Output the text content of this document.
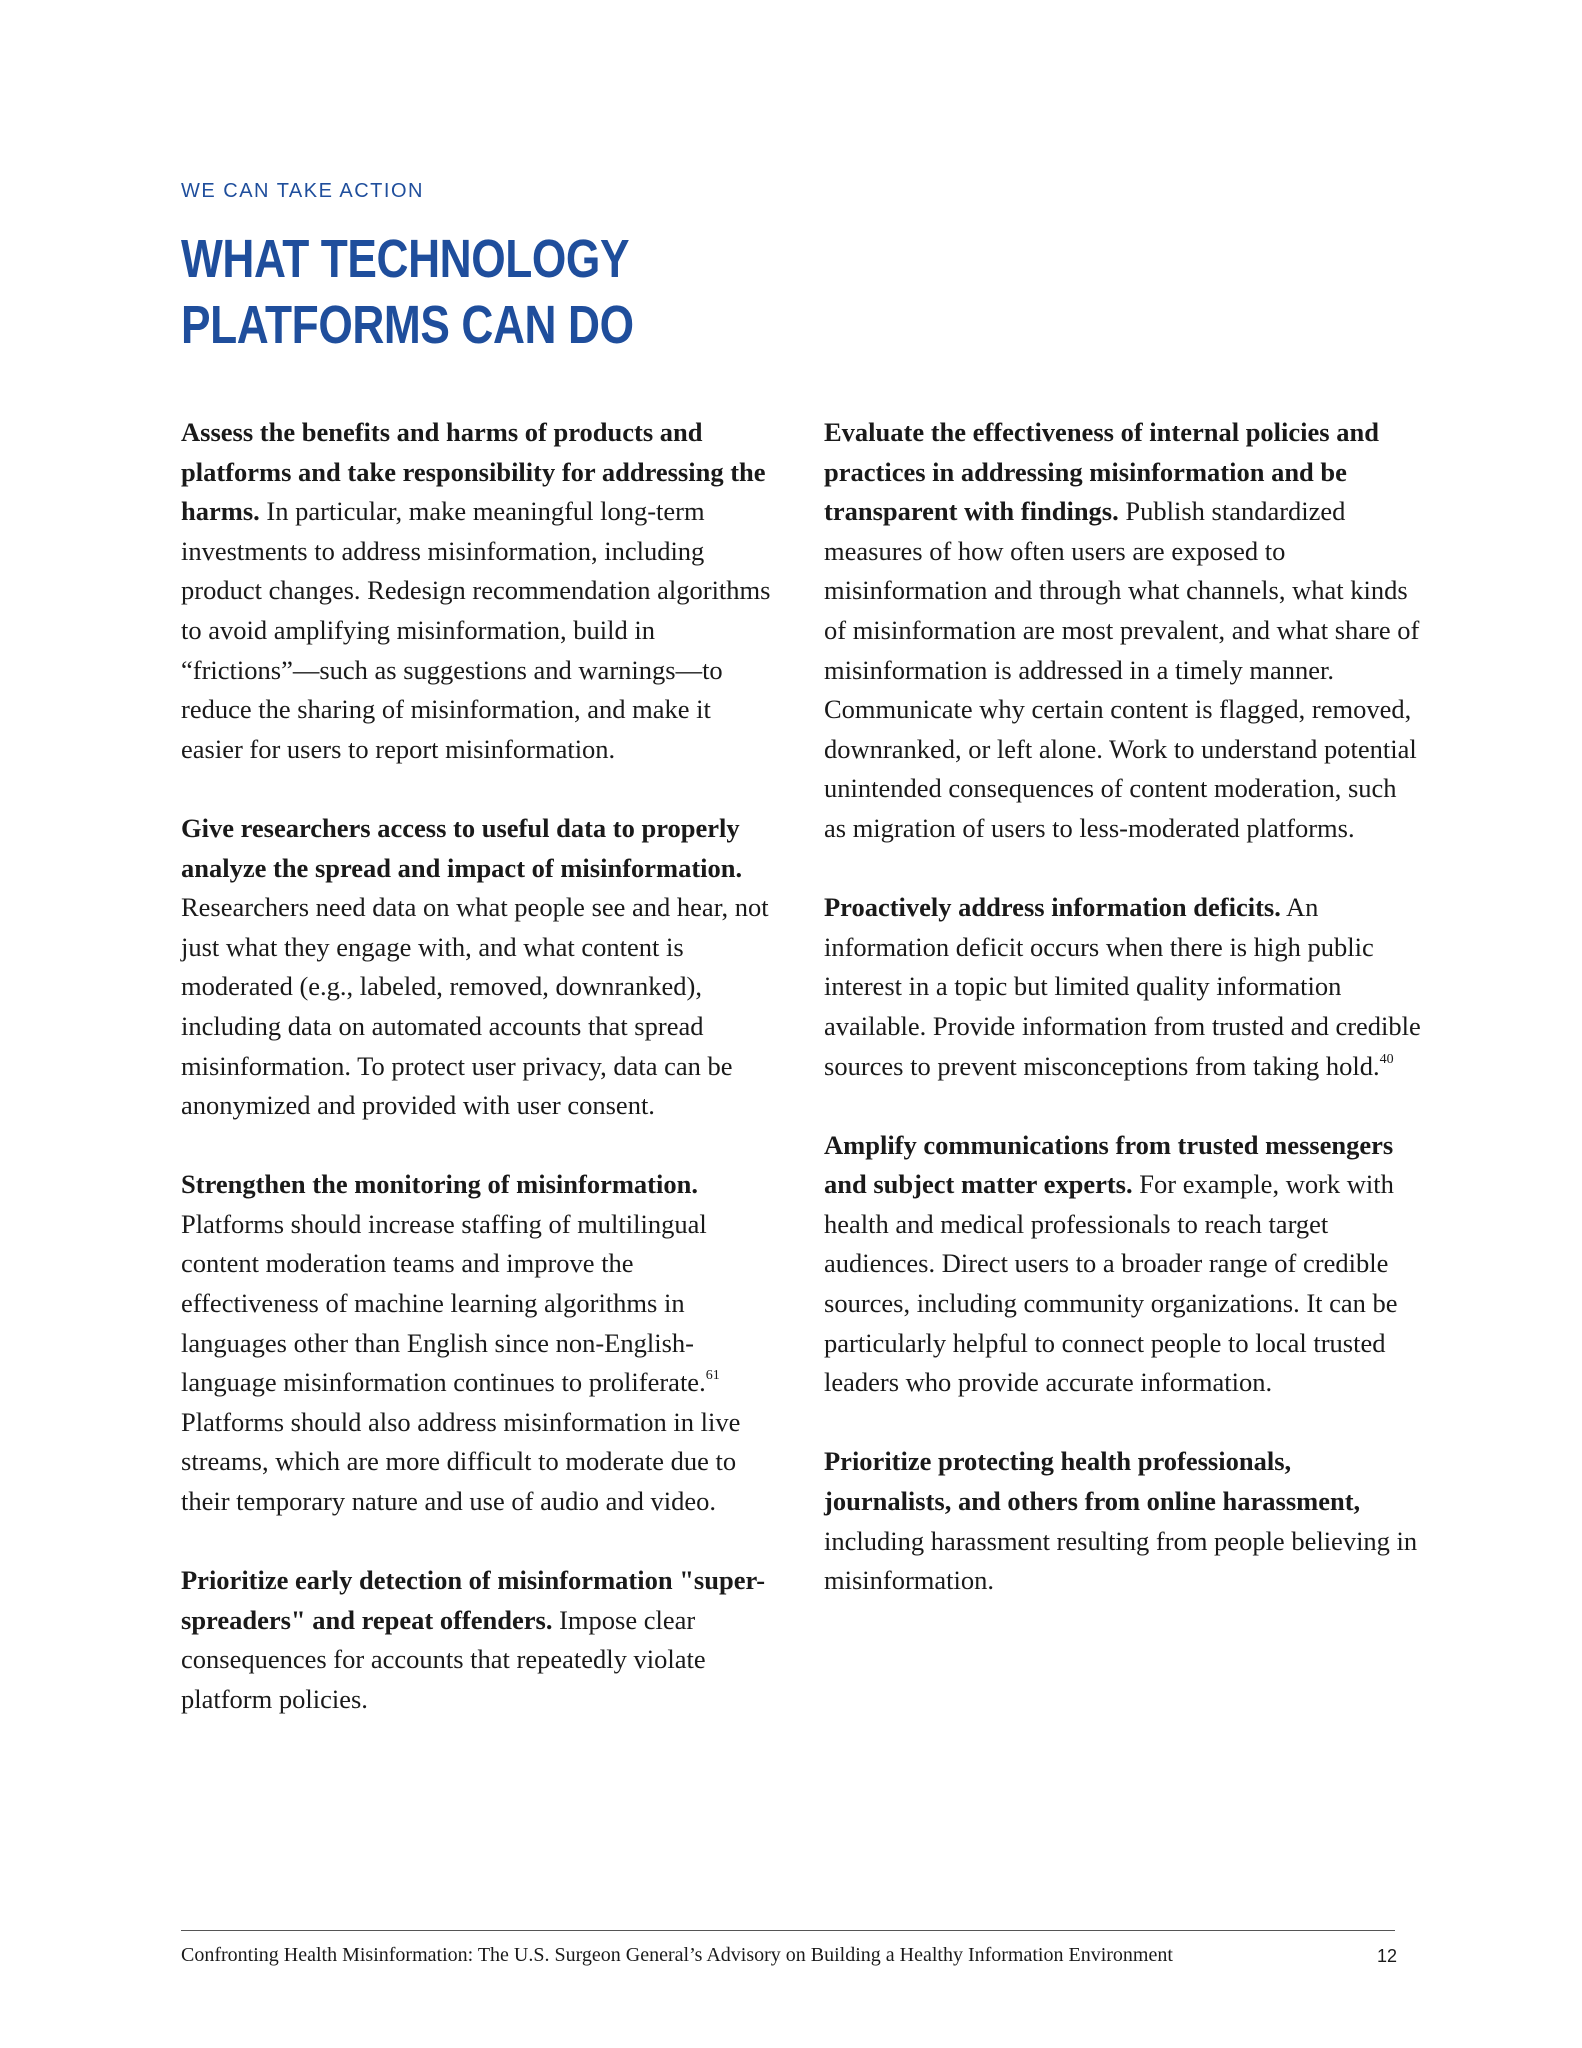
WE CAN TAKE ACTION
WHAT TECHNOLOGY
PLATFORMS CAN DO

Assess the benefits and harms of products and platforms and take responsibility for addressing the harms. In particular, make meaningful long-term investments to address misinformation, including product changes. Redesign recommendation algorithms to avoid amplifying misinformation, build in “frictions”—such as suggestions and warnings—to reduce the sharing of misinformation, and make it easier for users to report misinformation.

Give researchers access to useful data to properly analyze the spread and impact of misinformation. Researchers need data on what people see and hear, not just what they engage with, and what content is moderated (e.g., labeled, removed, downranked), including data on automated accounts that spread misinformation. To protect user privacy, data can be anonymized and provided with user consent.

Strengthen the monitoring of misinformation. Platforms should increase staffing of multilingual content moderation teams and improve the effectiveness of machine learning algorithms in languages other than English since non-English-language misinformation continues to proliferate.$^{61}$ Platforms should also address misinformation in live streams, which are more difficult to moderate due to their temporary nature and use of audio and video.

Prioritize early detection of misinformation "super-spreaders" and repeat offenders. Impose clear consequences for accounts that repeatedly violate platform policies.

Evaluate the effectiveness of internal policies and practices in addressing misinformation and be transparent with findings. Publish standardized measures of how often users are exposed to misinformation and through what channels, what kinds of misinformation are most prevalent, and what share of misinformation is addressed in a timely manner. Communicate why certain content is flagged, removed, downranked, or left alone. Work to understand potential unintended consequences of content moderation, such as migration of users to less-moderated platforms.

Proactively address information deficits. An information deficit occurs when there is high public interest in a topic but limited quality information available. Provide information from trusted and credible sources to prevent misconceptions from taking hold.$^{40}$

Amplify communications from trusted messengers and subject matter experts. For example, work with health and medical professionals to reach target audiences. Direct users to a broader range of credible sources, including community organizations. It can be particularly helpful to connect people to local trusted leaders who provide accurate information.

Prioritize protecting health professionals, journalists, and others from online harassment, including harassment resulting from people believing in misinformation.

Confronting Health Misinformation: The U.S. Surgeon General’s Advisory on Building a Healthy Information Environment	12
